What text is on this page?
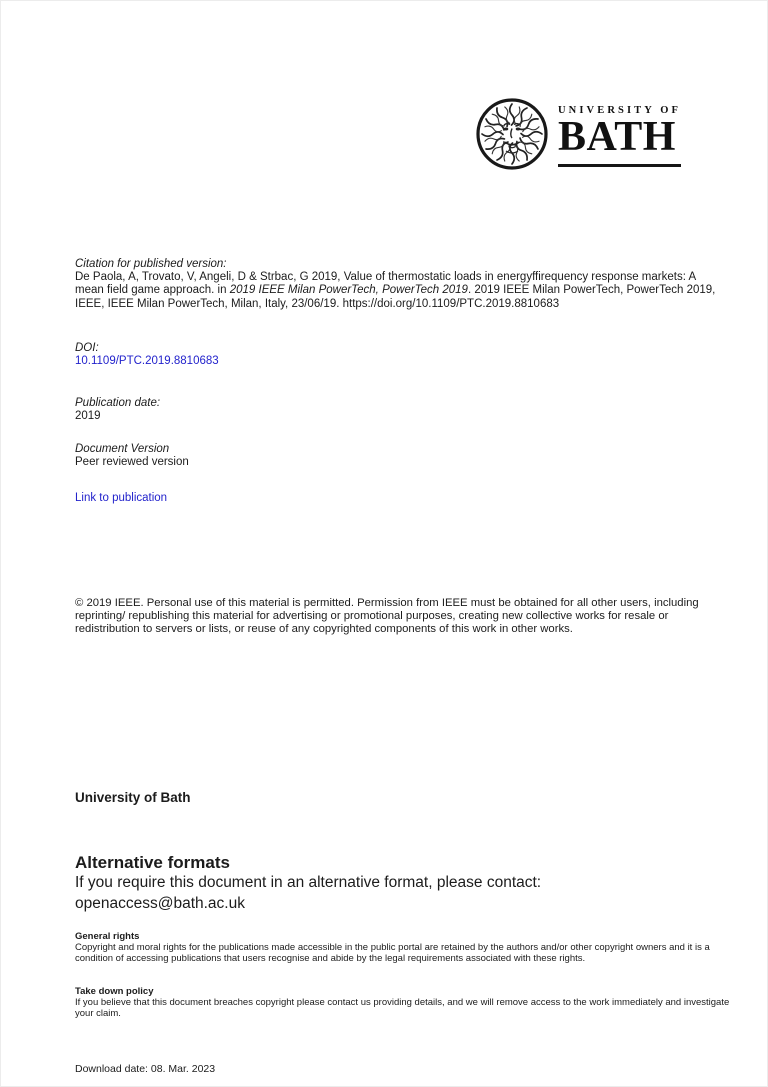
UNIVERSITY OF
BATH
Citation for published version:
De Paola, A, Trovato, V, Angeli, D & Strbac, G 2019, Value of thermostatic loads in energyffirequency response markets: A mean field game approach. in 2019 IEEE Milan PowerTech, PowerTech 2019. 2019 IEEE Milan PowerTech, PowerTech 2019, IEEE, IEEE Milan PowerTech, Milan, Italy, 23/06/19. https://doi.org/10.1109/PTC.2019.8810683
DOI:
10.1109/PTC.2019.8810683
Publication date:
2019
Document Version
Peer reviewed version
Link to publication
© 2019 IEEE. Personal use of this material is permitted. Permission from IEEE must be obtained for all other users, including reprinting/ republishing this material for advertising or promotional purposes, creating new collective works for resale or redistribution to servers or lists, or reuse of any copyrighted components of this work in other works.
University of Bath
Alternative formats
If you require this document in an alternative format, please contact:
openaccess@bath.ac.uk
General rights
Copyright and moral rights for the publications made accessible in the public portal are retained by the authors and/or other copyright owners and it is a condition of accessing publications that users recognise and abide by the legal requirements associated with these rights.
Take down policy
If you believe that this document breaches copyright please contact us providing details, and we will remove access to the work immediately and investigate your claim.
Download date: 08. Mar. 2023
